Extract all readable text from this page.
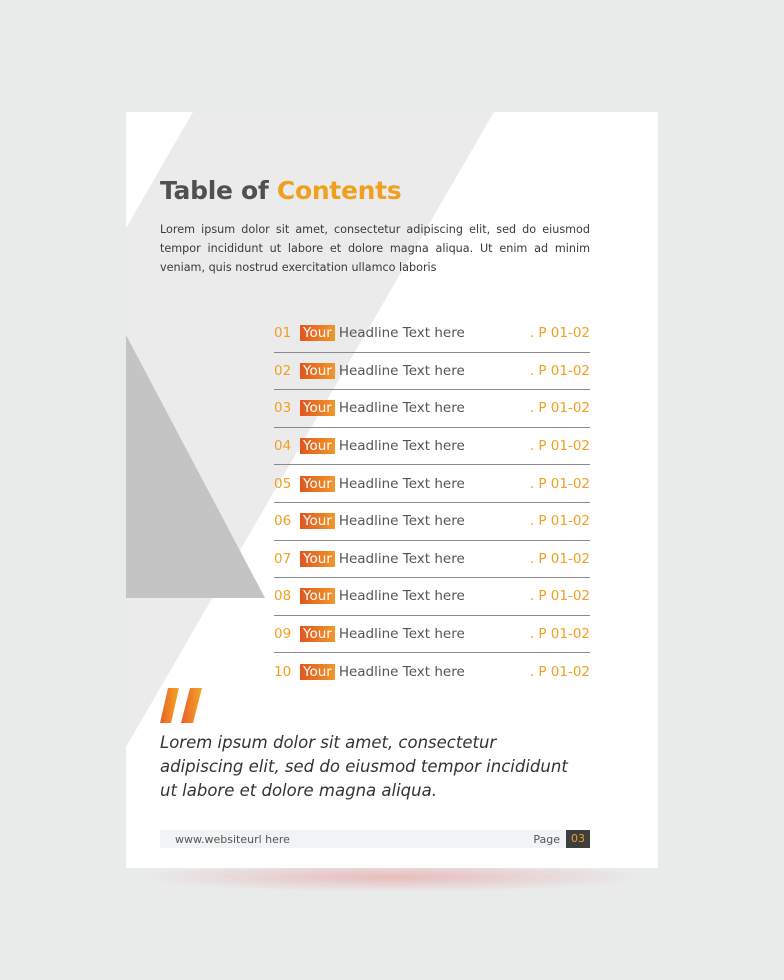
Table of Contents
Lorem ipsum dolor sit amet, consectetur adipiscing elit, sed do eiusmod tempor incididunt ut labore et dolore magna aliqua. Ut enim ad minim veniam, quis nostrud exercitation ullamco laboris
01 Your Headline Text here	. P 01-02
02 Your Headline Text here	. P 01-02
03 Your Headline Text here	. P 01-02
04 Your Headline Text here	. P 01-02
05 Your Headline Text here	. P 01-02
06 Your Headline Text here	. P 01-02
07 Your Headline Text here	. P 01-02
08 Your Headline Text here	. P 01-02
09 Your Headline Text here	. P 01-02
10 Your Headline Text here	. P 01-02
Lorem ipsum dolor sit amet, consectetur adipiscing elit, sed do eiusmod tempor incididunt ut labore et dolore magna aliqua.
www.websiteurl here	Page	03
